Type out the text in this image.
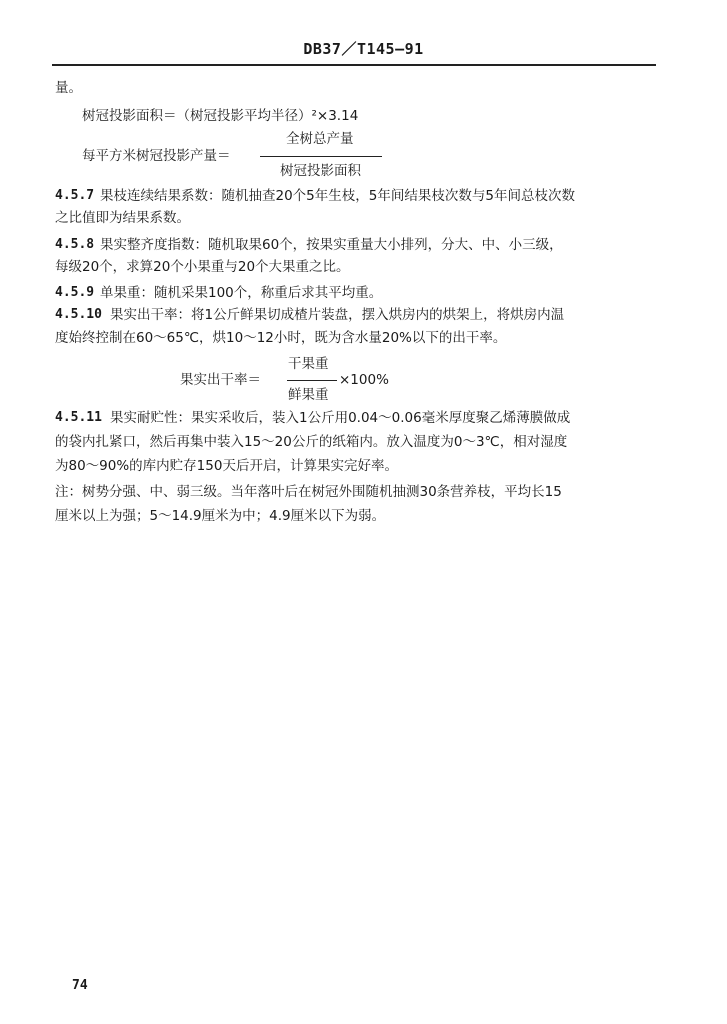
DB37／T145—91
量。
树冠投影面积＝（树冠投影平均半径）²×3.14
全树总产量
每平方米树冠投影产量＝
树冠投影面积
4.5.7 果枝连续结果系数：随机抽查20个5年生枝，5年间结果枝次数与5年间总枝次数
之比值即为结果系数。
4.5.8 果实整齐度指数：随机取果60个，按果实重量大小排列，分大、中、小三级，
每级20个，求算20个小果重与20个大果重之比。
4.5.9 单果重：随机采果100个，称重后求其平均重。
4.5.10 果实出干率：将1公斤鲜果切成楂片装盘，摆入烘房内的烘架上，将烘房内温
度始终控制在60～65℃，烘10～12小时，既为含水量20%以下的出干率。
干果重
果实出干率＝	×100%
鲜果重
4.5.11 果实耐贮性：果实采收后，装入1公斤用0.04～0.06毫米厚度聚乙烯薄膜做成
的袋内扎紧口，然后再集中装入15～20公斤的纸箱内。放入温度为0～3℃，相对湿度
为80～90%的库内贮存150天后开启，计算果实完好率。
注：树势分强、中、弱三级。当年落叶后在树冠外围随机抽测30条营养枝，平均长15
厘米以上为强；5～14.9厘米为中；4.9厘米以下为弱。
74
